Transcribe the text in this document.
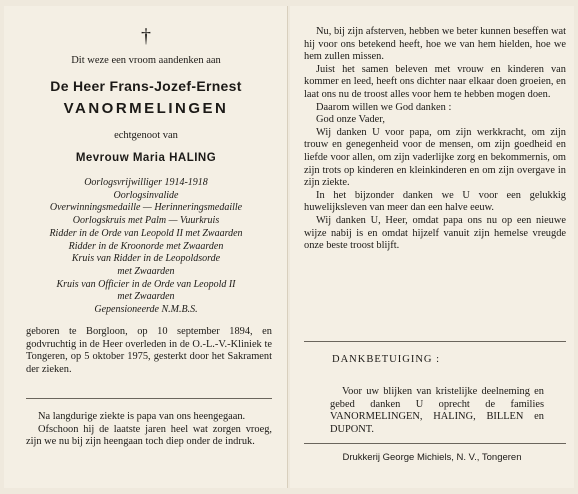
†
Dit weze een vroom aandenken aan
De Heer Frans-Jozef-Ernest
VANORMELINGEN
echtgenoot van
Mevrouw Maria HALING
Oorlogsvrijwilliger 1914-1918
Oorlogsinvalide
Overwinningsmedaille — Herinneringsmedaille
Oorlogskruis met Palm — Vuurkruis
Ridder in de Orde van Leopold II met Zwaarden
Ridder in de Kroonorde met Zwaarden
Kruis van Ridder in de Leopoldsorde
met Zwaarden
Kruis van Officier in de Orde van Leopold II
met Zwaarden
Gepensioneerde N.M.B.S.

geboren te Borgloon, op 10 september 1894, en godvruchtig in de Heer overleden in de O.-L.-V.-Kliniek te Tongeren, op 5 oktober 1975, gesterkt door het Sakrament der zieken.

Na langdurige ziekte is papa van ons heengegaan.

Ofschoon hij de laatste jaren heel wat zorgen vroeg, zijn we nu bij zijn heengaan toch diep onder de indruk.

Nu, bij zijn afsterven, hebben we beter kunnen beseffen wat hij voor ons betekend heeft, hoe we van hem hielden, hoe we hem zullen missen.

Juist het samen beleven met vrouw en kinderen van kommer en leed, heeft ons dichter naar elkaar doen groeien, en laat ons nu de troost alles voor hem te hebben mogen doen.

Daarom willen we God danken :

God onze Vader,

Wij danken U voor papa, om zijn werkkracht, om zijn trouw en genegenheid voor de mensen, om zijn goedheid en liefde voor allen, om zijn vaderlijke zorg en bekommernis, om zijn trots op kinderen en kleinkinderen en om zijn overgave in zijn ziekte.

In het bijzonder danken we U voor een gelukkig huwelijksleven van meer dan een halve eeuw.

Wij danken U, Heer, omdat papa ons nu op een nieuwe wijze nabij is en omdat hijzelf vanuit zijn hemelse vreugde onze beste troost blijft.

DANKBETUIGING :

Voor uw blijken van kristelijke deelneming en gebed danken U oprecht de families VANORMELINGEN, HALING, BILLEN en DUPONT.

Drukkerij George Michiels, N. V., Tongeren
